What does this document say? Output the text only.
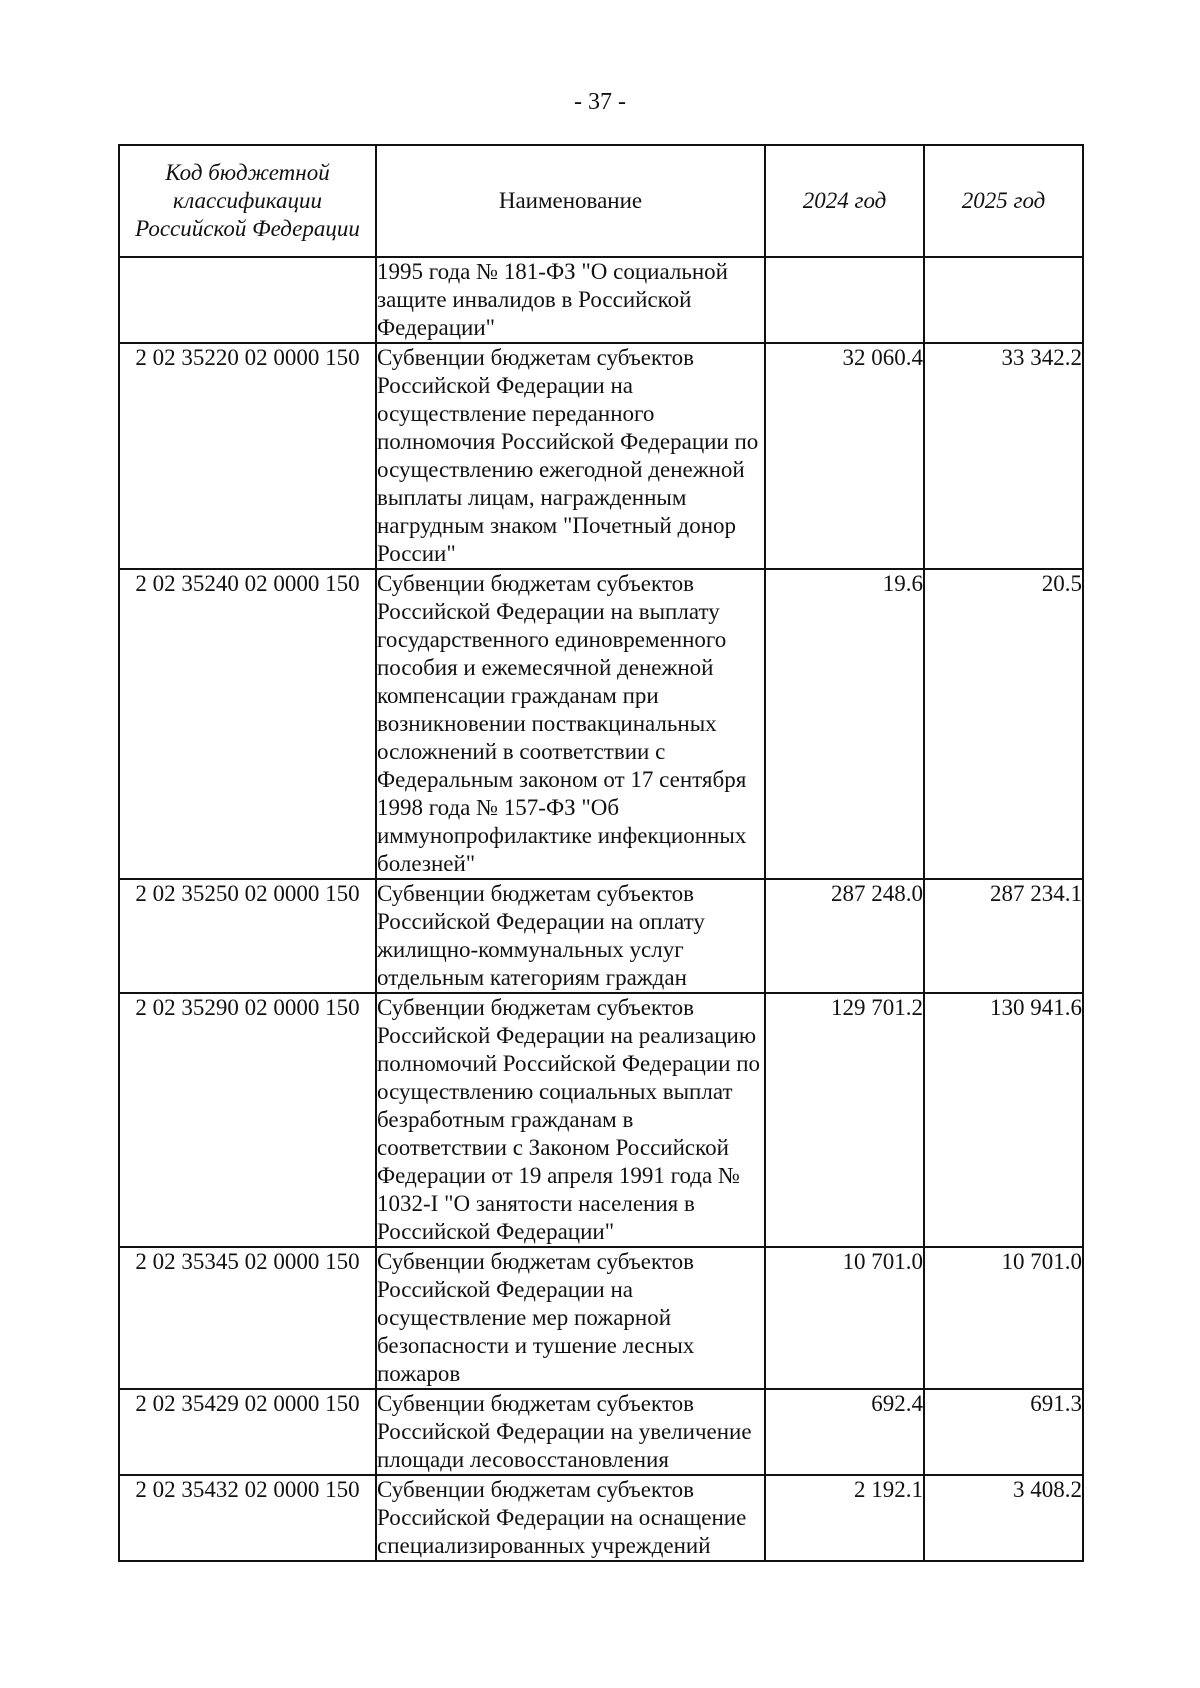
- 37 -
Код бюджетной классификации Российской Федерации	Наименование	2024 год	2025 год
	1995 года № 181-ФЗ "О социальной защите инвалидов в Российской Федерации"		
2 02 35220 02 0000 150	Субвенции бюджетам субъектов Российской Федерации на осуществление переданного полномочия Российской Федерации по осуществлению ежегодной денежной выплаты лицам, награжденным нагрудным знаком "Почетный донор России"	32 060.4	33 342.2
2 02 35240 02 0000 150	Субвенции бюджетам субъектов Российской Федерации на выплату государственного единовременного пособия и ежемесячной денежной компенсации гражданам при возникновении поствакцинальных осложнений в соответствии с Федеральным законом от 17 сентября 1998 года № 157-ФЗ "Об иммунопрофилактике инфекционных болезней"	19.6	20.5
2 02 35250 02 0000 150	Субвенции бюджетам субъектов Российской Федерации на оплату жилищно-коммунальных услуг отдельным категориям граждан	287 248.0	287 234.1
2 02 35290 02 0000 150	Субвенции бюджетам субъектов Российской Федерации на реализацию полномочий Российской Федерации по осуществлению социальных выплат безработным гражданам в соответствии с Законом Российской Федерации от 19 апреля 1991 года № 1032-I "О занятости населения в Российской Федерации"	129 701.2	130 941.6
2 02 35345 02 0000 150	Субвенции бюджетам субъектов Российской Федерации на осуществление мер пожарной безопасности и тушение лесных пожаров	10 701.0	10 701.0
2 02 35429 02 0000 150	Субвенции бюджетам субъектов Российской Федерации на увеличение площади лесовосстановления	692.4	691.3
2 02 35432 02 0000 150	Субвенции бюджетам субъектов Российской Федерации на оснащение специализированных учреждений	2 192.1	3 408.2
